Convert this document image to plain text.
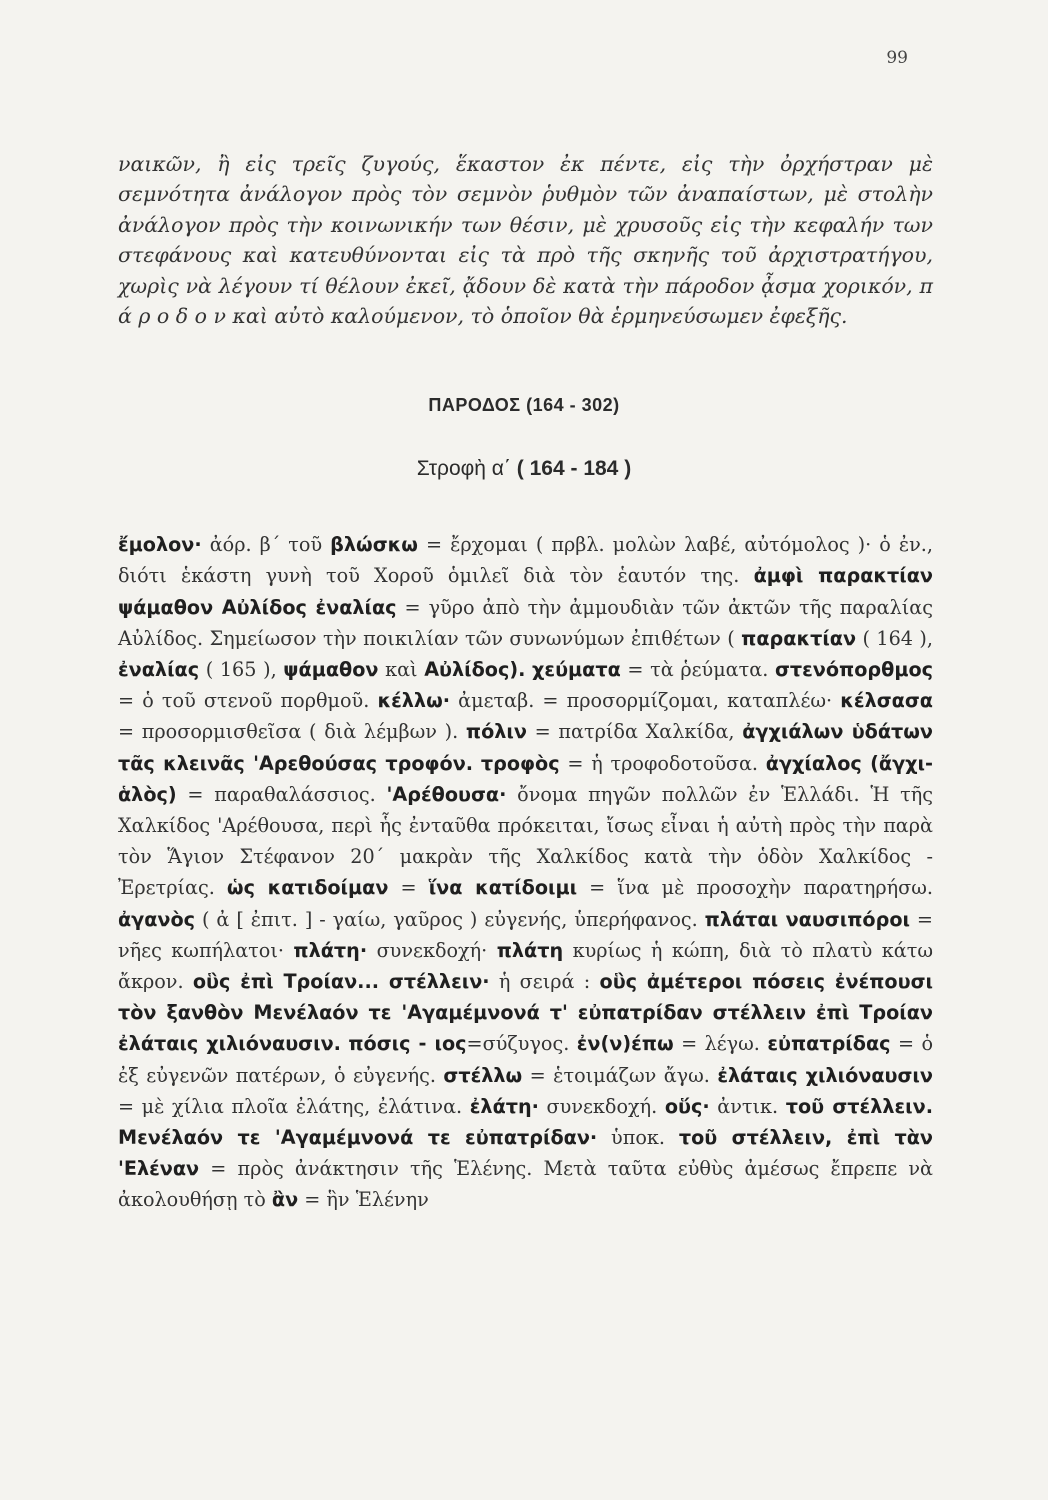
99

ναικῶν, ἢ εἰς τρεῖς ζυγούς, ἕκαστον ἐκ πέντε, εἰς τὴν ὀρχήστραν μὲ σεμνότητα ἀνάλογον πρὸς τὸν σεμνὸν ῥυθμὸν τῶν ἀναπαίστων, μὲ στολὴν ἀνάλογον πρὸς τὴν κοινωνικήν των θέσιν, μὲ χρυσοῦς εἰς τὴν κεφαλήν των στεφάνους καὶ κατευθύνονται εἰς τὰ πρὸ τῆς σκηνῆς τοῦ ἀρχιστρατήγου, χωρὶς νὰ λέγουν τί θέλουν ἐκεῖ, ᾄδουν δὲ κατὰ τὴν πάροδον ᾆσμα χορικόν, π ά ρ ο δ ο ν καὶ αὐτὸ καλούμενον, τὸ ὁποῖον θὰ ἑρμηνεύσωμεν ἐφεξῆς.

ΠΑΡΟΔΟΣ (164 - 302)
Στροφὴ α΄ ( 164 - 184 )

ἔμολον· ἀόρ. β΄ τοῦ βλώσκω = ἔρχομαι ( πρβλ. μολὼν λαβέ, αὐτόμολος )· ὁ ἐν., διότι ἑκάστη γυνὴ τοῦ Χοροῦ ὁμιλεῖ διὰ τὸν ἑαυτόν της. ἀμφὶ παρακτίαν ψάμαθον Αὐλίδος ἐναλίας = γῦρο ἀπὸ τὴν ἀμμουδιὰν τῶν ἀκτῶν τῆς παραλίας Αὐλίδος. Σημείωσον τὴν ποικιλίαν τῶν συνωνύμων ἐπιθέτων ( παρακτίαν ( 164 ), ἐναλίας ( 165 ), ψάμαθον καὶ Αὐλίδος). χεύματα = τὰ ῥεύματα. στενόπορθμος = ὁ τοῦ στενοῦ πορθμοῦ. κέλλω· ἀμεταβ. = προσορμίζομαι, καταπλέω· κέλσασα = προσορμισθεῖσα ( διὰ λέμβων ). πόλιν = πατρίδα Χαλκίδα, ἀγχιάλων ὑδάτων τᾶς κλεινᾶς 'Αρεθούσας τροφόν. τροφὸς = ἡ τροφοδοτοῦσα. ἀγχίαλος (ἄγχι-ἁλὸς) = παραθαλάσσιος. 'Αρέθουσα· ὄνομα πηγῶν πολλῶν ἐν Ἑλλάδι. Ἡ τῆς Χαλκίδος 'Αρέθουσα, περὶ ἧς ἐνταῦθα πρόκειται, ἴσως εἶναι ἡ αὐτὴ πρὸς τὴν παρὰ τὸν Ἅγιον Στέφανον 20΄ μακρὰν τῆς Χαλκίδος κατὰ τὴν ὁδὸν Χαλκίδος - Ἐρετρίας. ὡς κατιδοίμαν = ἵνα κατίδοιμι = ἵνα μὲ προσοχὴν παρατηρήσω. ἀγανὸς ( ἀ [ ἐπιτ. ] - γαίω, γαῦρος ) εὐγενής, ὑπερήφανος. πλάται ναυσιπόροι = νῆες κωπήλατοι· πλάτη· συνεκδοχή· πλάτη κυρίως ἡ κώπη, διὰ τὸ πλατὺ κάτω ἄκρον. οὓς ἐπὶ Τροίαν... στέλλειν· ἡ σειρά : οὓς ἀμέτεροι πόσεις ἐνέπουσι τὸν ξανθὸν Μενέλαόν τε 'Αγαμέμνονά τ' εὐπατρίδαν στέλλειν ἐπὶ Τροίαν ἐλάταις χιλιόναυσιν. πόσις - ιος=σύζυγος. ἐν(ν)έπω = λέγω. εὐπατρίδας = ὁ ἐξ εὐγενῶν πατέρων, ὁ εὐγενής. στέλλω = ἑτοιμάζων ἄγω. ἐλάταις χιλιόναυσιν = μὲ χίλια πλοῖα ἐλάτης, ἐλάτινα. ἐλάτη· συνεκδοχή. οὕς· ἀντικ. τοῦ στέλλειν. Μενέλαόν τε 'Αγαμέμνονά τε εὐπατρίδαν· ὑποκ. τοῦ στέλλειν, ἐπὶ τὰν 'Ελέναν = πρὸς ἀνάκτησιν τῆς Ἑλένης. Μετὰ ταῦτα εὐθὺς ἀμέσως ἔπρεπε νὰ ἀκολουθήσῃ τὸ ἂν = ἣν Ἑλένην
